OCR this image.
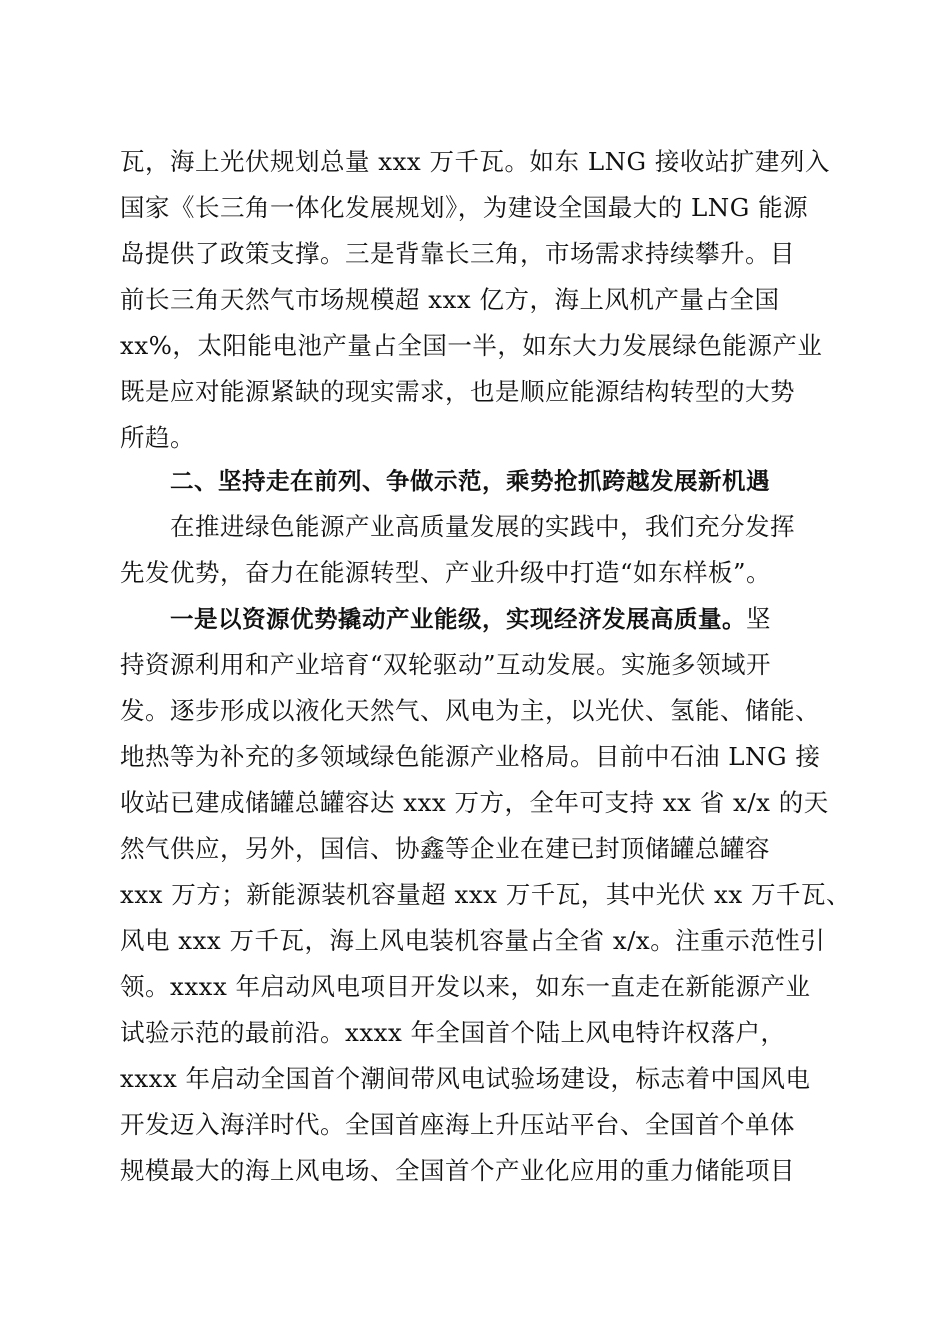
瓦，海上光伏规划总量 xxx 万千瓦。如东 LNG 接收站扩建列入
国家《长三角一体化发展规划》，为建设全国最大的 LNG 能源
岛提供了政策支撑。三是背靠长三角，市场需求持续攀升。目
前长三角天然气市场规模超 xxx 亿方，海上风机产量占全国
xx%，太阳能电池产量占全国一半，如东大力发展绿色能源产业
既是应对能源紧缺的现实需求，也是顺应能源结构转型的大势
所趋。
二、坚持走在前列、争做示范，乘势抢抓跨越发展新机遇
在推进绿色能源产业高质量发展的实践中，我们充分发挥
先发优势，奋力在能源转型、产业升级中打造“如东样板”。
一是以资源优势撬动产业能级，实现经济发展高质量。坚
持资源利用和产业培育“双轮驱动”互动发展。实施多领域开
发。逐步形成以液化天然气、风电为主，以光伏、氢能、储能、
地热等为补充的多领域绿色能源产业格局。目前中石油 LNG 接
收站已建成储罐总罐容达 xxx 万方，全年可支持 xx 省 x/x 的天
然气供应，另外，国信、协鑫等企业在建已封顶储罐总罐容
xxx 万方；新能源装机容量超 xxx 万千瓦，其中光伏 xx 万千瓦、
风电 xxx 万千瓦，海上风电装机容量占全省 x/x。注重示范性引
领。xxxx 年启动风电项目开发以来，如东一直走在新能源产业
试验示范的最前沿。xxxx 年全国首个陆上风电特许权落户，
xxxx 年启动全国首个潮间带风电试验场建设，标志着中国风电
开发迈入海洋时代。全国首座海上升压站平台、全国首个单体
规模最大的海上风电场、全国首个产业化应用的重力储能项目
